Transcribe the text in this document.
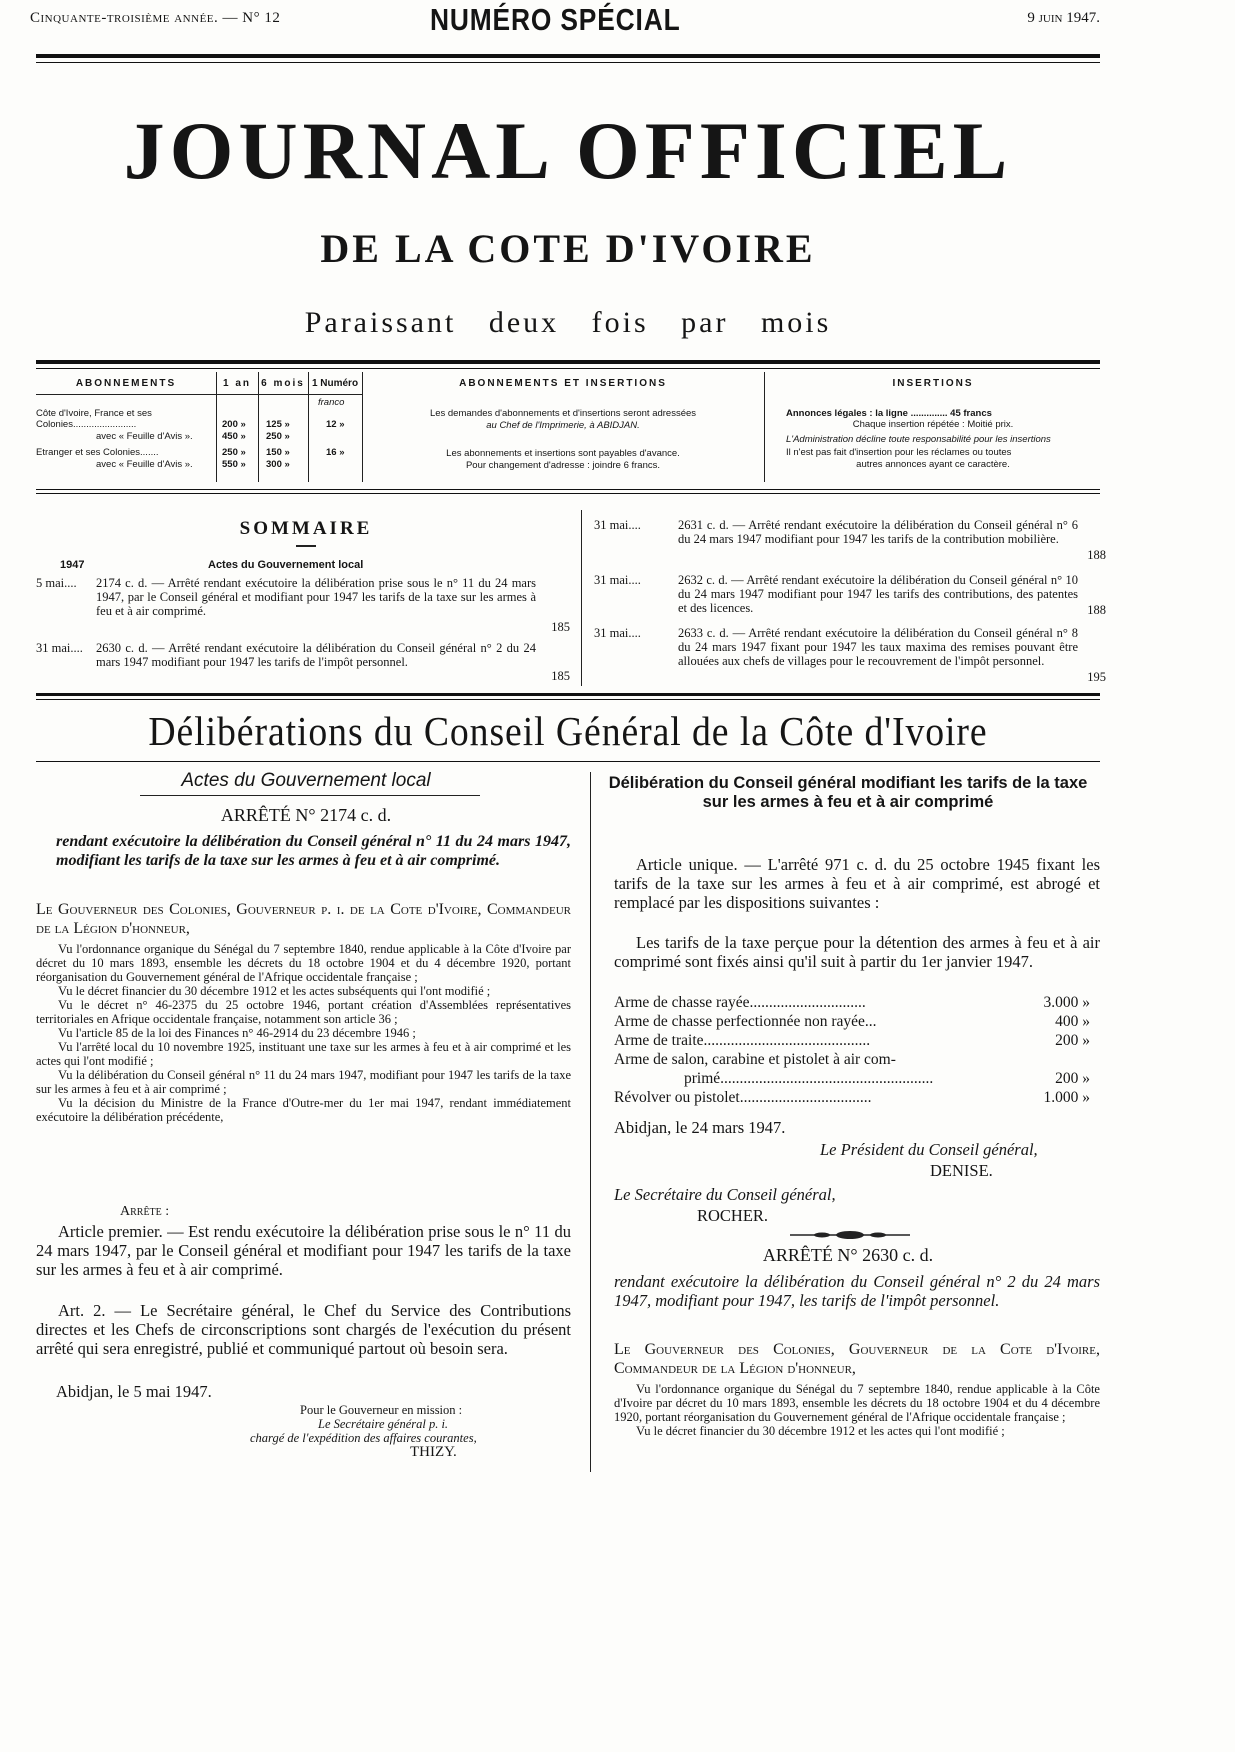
Cinquante-troisième année. — N° 12	NUMÉRO SPÉCIAL	9 juin 1947.
JOURNAL OFFICIEL
DE LA COTE D'IVOIRE
Paraissant deux fois par mois
ABONNEMENTS	1 an	6 mois 1 Numéro
franco
Côte d'Ivoire, France et ses
Colonies........................	200 » 125 »	12 »
avec « Feuille d'Avis ».	450 » 250 »
Etranger et ses Colonies.......	250 » 150 »	16 »
avec « Feuille d'Avis ».	550 » 300 »
ABONNEMENTS ET INSERTIONS
Les demandes d'abonnements et d'insertions seront adressées
au Chef de l'Imprimerie, à ABIDJAN.
Les abonnements et insertions sont payables d'avance.
Pour changement d'adresse : joindre 6 francs.
INSERTIONS
Annonces légales : la ligne .............. 45 francs
Chaque insertion répétée : Moitié prix.
L'Administration décline toute responsabilité pour les insertions
Il n'est pas fait d'insertion pour les réclames ou toutes
autres annonces ayant ce caractère.
SOMMAIRE
1947	Actes du Gouvernement local
5 mai.... 2174 c. d. — Arrêté rendant exécutoire la délibération prise sous le n° 11 du 24 mars 1947, par le Conseil général et modifiant pour 1947 les tarifs de la taxe sur les armes à feu et à air comprimé.
185
31 mai.... 2630 c. d. — Arrêté rendant exécutoire la délibération du Conseil général n° 2 du 24 mars 1947 modifiant pour 1947 les tarifs de l'impôt personnel.
185
31 mai....	2631 c. d. — Arrêté rendant exécutoire la délibération du Conseil général n° 6 du 24 mars 1947 modifiant pour 1947 les tarifs de la contribution mobilière.
188
31 mai....	2632 c. d. — Arrêté rendant exécutoire la délibération du Conseil général n° 10 du 24 mars 1947 modifiant pour 1947 les tarifs des contributions, des patentes et des licences.	188
31 mai....	2633 c. d. — Arrêté rendant exécutoire la délibération du Conseil général n° 8 du 24 mars 1947 fixant pour 1947 les taux maxima des remises pouvant être allouées aux chefs de villages pour le recouvrement de l'impôt personnel.
195
Délibérations du Conseil Général de la Côte d'Ivoire
Actes du Gouvernement local
ARRÊTÉ N° 2174 c. d.
rendant exécutoire la délibération du Conseil général n° 11 du 24 mars 1947, modifiant les tarifs de la taxe sur les armes à feu et à air comprimé.
Le Gouverneur des Colonies, Gouverneur p. i. de la Cote d'Ivoire, Commandeur de la Légion d'honneur,

Vu l'ordonnance organique du Sénégal du 7 septembre 1840, rendue applicable à la Côte d'Ivoire par décret du 10 mars 1893, ensemble les décrets du 18 octobre 1904 et du 4 décembre 1920, portant réorganisation du Gouvernement général de l'Afrique occidentale française ;

Vu le décret financier du 30 décembre 1912 et les actes subséquents qui l'ont modifié ;

Vu le décret n° 46-2375 du 25 octobre 1946, portant création d'Assemblées représentatives territoriales en Afrique occidentale française, notamment son article 36 ;

Vu l'article 85 de la loi des Finances n° 46-2914 du 23 décembre 1946 ;

Vu l'arrêté local du 10 novembre 1925, instituant une taxe sur les armes à feu et à air comprimé et les actes qui l'ont modifié ;

Vu la délibération du Conseil général n° 11 du 24 mars 1947, modifiant pour 1947 les tarifs de la taxe sur les armes à feu et à air comprimé ;

Vu la décision du Ministre de la France d'Outre-mer du 1er mai 1947, rendant immédiatement exécutoire la délibération précédente,

Arrête :
Article premier. — Est rendu exécutoire la délibération prise sous le n° 11 du 24 mars 1947, par le Conseil général et modifiant pour 1947 les tarifs de la taxe sur les armes à feu et à air comprimé.
Art. 2. — Le Secrétaire général, le Chef du Service des Contributions directes et les Chefs de circonscriptions sont chargés de l'exécution du présent arrêté qui sera enregistré, publié et communiqué partout où besoin sera.
Abidjan, le 5 mai 1947.

Pour le Gouverneur en mission :

Le Secrétaire général p. i.

chargé de l'expédition des affaires courantes,

THIZY.

Délibération du Conseil général modifiant les tarifs de la taxe sur les armes à feu et à air comprimé
Article unique. — L'arrêté 971 c. d. du 25 octobre 1945 fixant les tarifs de la taxe sur les armes à feu et à air comprimé, est abrogé et remplacé par les dispositions suivantes :
Les tarifs de la taxe perçue pour la détention des armes à feu et à air comprimé sont fixés ainsi qu'il suit à partir du 1er janvier 1947.
Arme de chasse rayée..............................	3.000 »
Arme de chasse perfectionnée non rayée...	400 »
Arme de traite...........................................	200 »
Arme de salon, carabine et pistolet à air com-
primé.......................................................	200 »
Révolver ou pistolet..................................	1.000 »
Abidjan, le 24 mars 1947.
Le Président du Conseil général,
DENISE.
Le Secrétaire du Conseil général,
ROCHER.
ARRÊTÉ N° 2630 c. d.
rendant exécutoire la délibération du Conseil général n° 2 du 24 mars 1947, modifiant pour 1947, les tarifs de l'impôt personnel.
Le Gouverneur des Colonies, Gouverneur de la Cote d'Ivoire, Commandeur de la Légion d'honneur,

Vu l'ordonnance organique du Sénégal du 7 septembre 1840, rendue applicable à la Côte d'Ivoire par décret du 10 mars 1893, ensemble les décrets du 18 octobre 1904 et du 4 décembre 1920, portant réorganisation du Gouvernement général de l'Afrique occidentale française ;

Vu le décret financier du 30 décembre 1912 et les actes qui l'ont modifié ;
